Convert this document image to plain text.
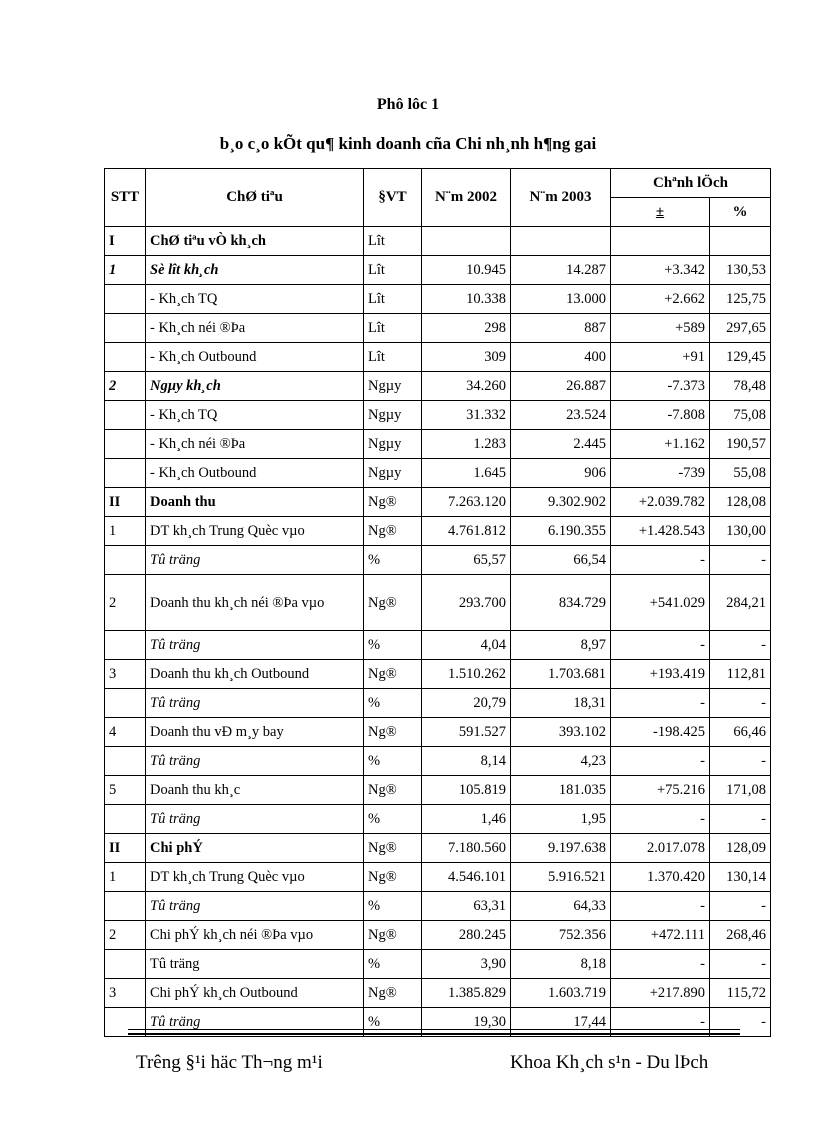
Phô lôc 1
b¸o c¸o kÕt qu¶ kinh doanh cña Chi nh¸nh h¶ng gai
STT	ChØ tiªu	§VT	N¨m 2002	N¨m 2003	Chªnh lÖch	
					±	%
I	ChØ tiªu vÒ kh¸ch	Lît				
1	Sè lît kh¸ch	Lît	10.945	14.287	+3.342	130,53
	- Kh¸ch TQ	Lît	10.338	13.000	+2.662	125,75
	- Kh¸ch néi ®Þa	Lît	298	887	+589	297,65
	- Kh¸ch Outbound	Lît	309	400	+91	129,45
2	Ngµy kh¸ch	Ngµy	34.260	26.887	-7.373	78,48
	- Kh¸ch TQ	Ngµy	31.332	23.524	-7.808	75,08
	- Kh¸ch néi ®Þa	Ngµy	1.283	2.445	+1.162	190,57
	- Kh¸ch Outbound	Ngµy	1.645	906	-739	55,08
II	Doanh thu	Ng®	7.263.120	9.302.902	+2.039.782	128,08
1	DT kh¸ch Trung Quèc vµo	Ng®	4.761.812	6.190.355	+1.428.543	130,00
	Tû träng	%	65,57	66,54	-	-
2	Doanh thu kh¸ch néi ®Þa vµo	Ng®	293.700	834.729	+541.029	284,21
	Tû träng	%	4,04	8,97	-	-
3	Doanh thu kh¸ch Outbound	Ng®	1.510.262	1.703.681	+193.419	112,81
	Tû träng	%	20,79	18,31	-	-
4	Doanh thu vÐ m¸y bay	Ng®	591.527	393.102	-198.425	66,46
	Tû träng	%	8,14	4,23	-	-
5	Doanh thu kh¸c	Ng®	105.819	181.035	+75.216	171,08
	Tû träng	%	1,46	1,95	-	-
II	Chi phÝ	Ng®	7.180.560	9.197.638	2.017.078	128,09
1	DT kh¸ch Trung Quèc vµo	Ng®	4.546.101	5.916.521	1.370.420	130,14
	Tû träng	%	63,31	64,33	-	-
2	Chi phÝ kh¸ch néi ®Þa vµo	Ng®	280.245	752.356	+472.111	268,46
	Tû träng	%	3,90	8,18	-	-
3	Chi phÝ kh¸ch Outbound	Ng®	1.385.829	1.603.719	+217.890	115,72
	Tû träng	%	19,30	17,44	-	-
Trêng §¹i häc Th¬ng m¹i	Khoa Kh¸ch s¹n - Du lÞch
